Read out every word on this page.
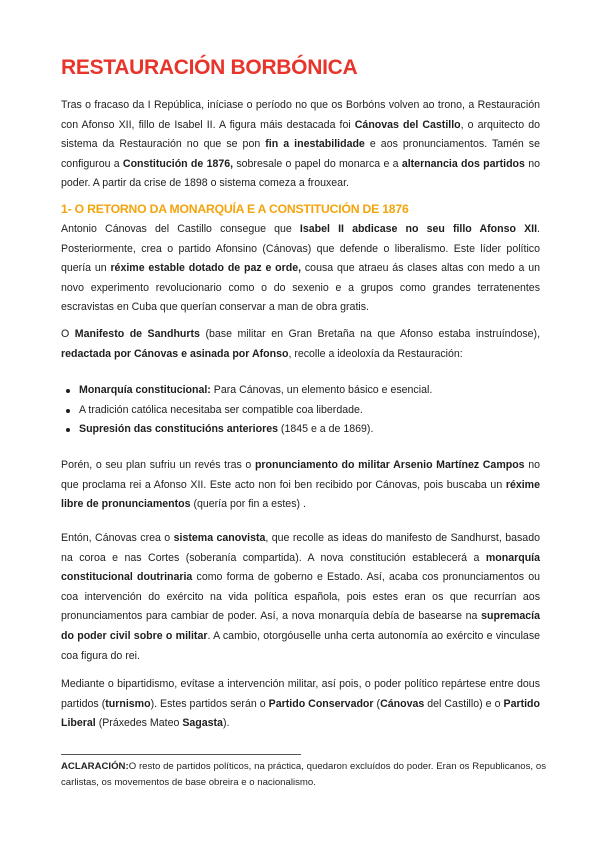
RESTAURACIÓN BORBÓNICA

Tras o fracaso da I República, iníciase o período no que os Borbóns volven ao trono, a Restauración con Afonso XII, fillo de Isabel II. A figura máis destacada foi Cánovas del Castillo, o arquitecto do sistema da Restauración no que se pon fin a inestabilidade e aos pronunciamentos. Tamén se configurou a Constitución de 1876, sobresale o papel do monarca e a alternancia dos partidos no poder. A partir da crise de 1898 o sistema comeza a frouxear.

1- O RETORNO DA MONARQUÍA E A CONSTITUCIÓN DE 1876

Antonio Cánovas del Castillo consegue que Isabel II abdicase no seu fillo Afonso XII. Posteriormente, crea o partido Afonsino (Cánovas) que defende o liberalismo. Este líder político quería un réxime estable dotado de paz e orde, cousa que atraeu ás clases altas con medo a un novo experimento revolucionario como o do sexenio e a grupos como grandes terratenentes escravistas en Cuba que querían conservar a man de obra gratis.

O Manifesto de Sandhurts (base militar en Gran Bretaña na que Afonso estaba instruíndose), redactada por Cánovas e asinada por Afonso, recolle a ideoloxía da Restauración:

Monarquía constitucional: Para Cánovas, un elemento básico e esencial.
A tradición católica necesitaba ser compatible coa liberdade.
Supresión das constitucións anteriores (1845 e a de 1869).

Porén, o seu plan sufriu un revés tras o pronunciamento do militar Arsenio Martínez Campos no que proclama rei a Afonso XII. Este acto non foi ben recibido por Cánovas, pois buscaba un réxime libre de pronunciamentos (quería por fin a estes) .

Entón, Cánovas crea o sistema canovista, que recolle as ideas do manifesto de Sandhurst, basado na coroa e nas Cortes (soberanía compartida). A nova constitución establecerá a monarquía constitucional doutrinaria como forma de goberno e Estado. Así, acaba cos pronunciamentos ou coa intervención do exército na vida política española, pois estes eran os que recurrían aos pronunciamentos para cambiar de poder. Así, a nova monarquía debía de basearse na supremacía do poder civil sobre o militar. A cambio, otorgóuselle unha certa autonomía ao exército e vinculase coa figura do rei.

Mediante o bipartidismo, evítase a intervención militar, así pois, o poder político repártese entre dous partidos (turnismo). Estes partidos serán o Partido Conservador (Cánovas del Castillo) e o Partido Liberal (Práxedes Mateo Sagasta).

ACLARACIÓN:O resto de partidos políticos, na práctica, quedaron excluídos do poder. Eran os Republicanos, os carlistas, os movementos de base obreira e o nacionalismo.
